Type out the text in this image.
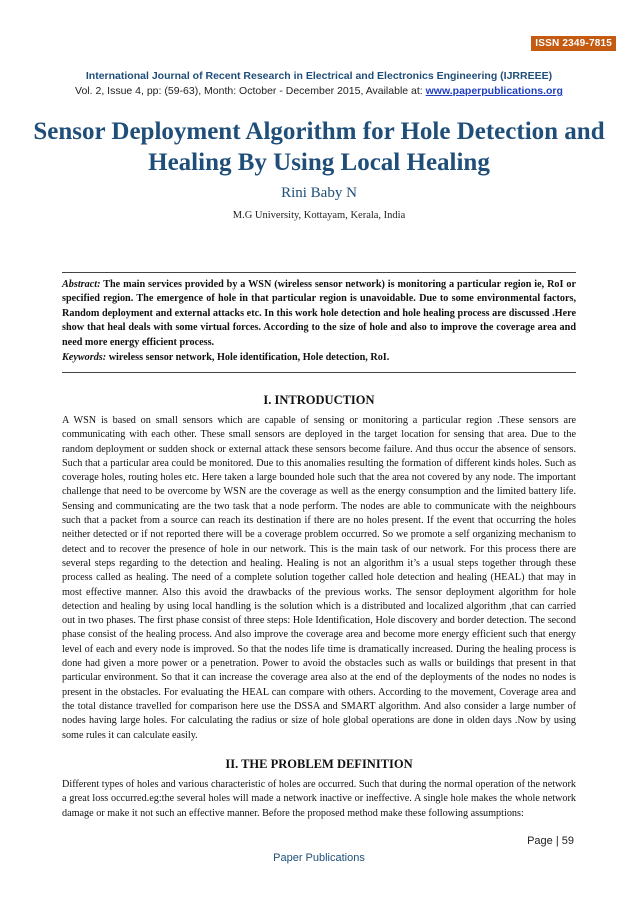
ISSN 2349-7815
International Journal of Recent Research in Electrical and Electronics Engineering (IJRREEE)
Vol. 2, Issue 4, pp: (59-63), Month: October - December 2015, Available at: www.paperpublications.org
Sensor Deployment Algorithm for Hole Detection and Healing By Using Local Healing
Rini Baby N
M.G University, Kottayam, Kerala, India
Abstract: The main services provided by a WSN (wireless sensor network) is monitoring a particular region ie, RoI or specified region. The emergence of hole in that particular region is unavoidable. Due to some environmental factors, Random deployment and external attacks etc. In this work hole detection and hole healing process are discussed .Here show that heal deals with some virtual forces. According to the size of hole and also to improve the coverage area and need more energy efficient process.
Keywords: wireless sensor network, Hole identification, Hole detection, RoI.
I. INTRODUCTION

A WSN is based on small sensors which are capable of sensing or monitoring a particular region .These sensors are communicating with each other. These small sensors are deployed in the target location for sensing that area. Due to the random deployment or sudden shock or external attack these sensors become failure. And thus occur the absence of sensors. Such that a particular area could be monitored. Due to this anomalies resulting the formation of different kinds holes. Such as coverage holes, routing holes etc. Here taken a large bounded hole such that the area not covered by any node. The important challenge that need to be overcome by WSN are the coverage as well as the energy consumption and the limited battery life. Sensing and communicating are the two task that a node perform. The nodes are able to communicate with the neighbours such that a packet from a source can reach its destination if there are no holes present. If the event that occurring the holes neither detected or if not reported there will be a coverage problem occurred. So we promote a self organizing mechanism to detect and to recover the presence of hole in our network. This is the main task of our network. For this process there are several steps regarding to the detection and healing. Healing is not an algorithm it’s a usual steps together through these process called as healing. The need of a complete solution together called hole detection and healing (HEAL) that may in most effective manner. Also this avoid the drawbacks of the previous works. The sensor deployment algorithm for hole detection and healing by using local handling is the solution which is a distributed and localized algorithm ,that can carried out in two phases. The first phase consist of three steps: Hole Identification, Hole discovery and border detection. The second phase consist of the healing process. And also improve the coverage area and become more energy efficient such that energy level of each and every node is improved. So that the nodes life time is dramatically increased. During the healing process is done had given a more power or a penetration. Power to avoid the obstacles such as walls or buildings that present in that particular environment. So that it can increase the coverage area also at the end of the deployments of the nodes no nodes is present in the obstacles. For evaluating the HEAL can compare with others. According to the movement, Coverage area and the total distance travelled for comparison here use the DSSA and SMART algorithm. And also consider a large number of nodes having large holes. For calculating the radius or size of hole global operations are done in olden days .Now by using some rules it can calculate easily.

II. THE PROBLEM DEFINITION

Different types of holes and various characteristic of holes are occurred. Such that during the normal operation of the network a great loss occurred.eg:the several holes will made a network inactive or ineffective. A single hole makes the whole network damage or make it not such an effective manner. Before the proposed method make these following assumptions:

Page | 59
Paper Publications
